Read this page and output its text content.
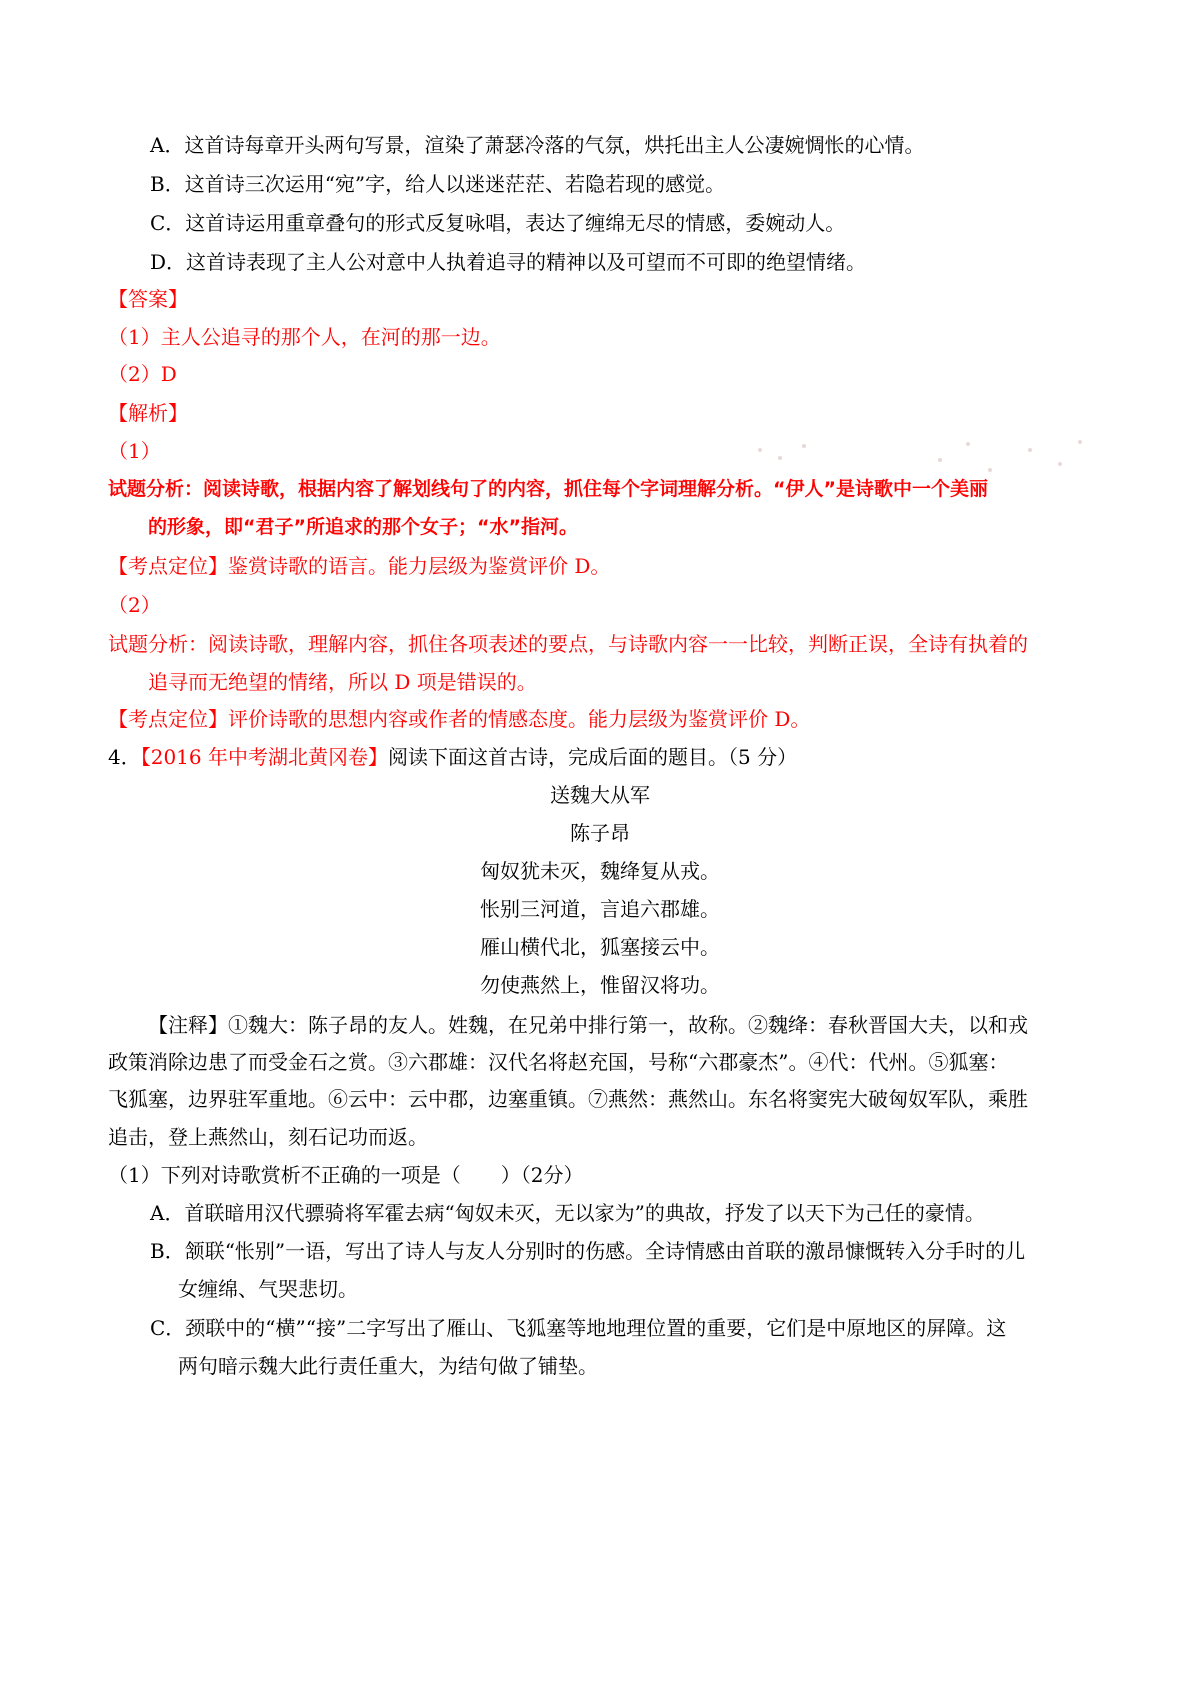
A．这首诗每章开头两句写景，渲染了萧瑟冷落的气氛，烘托出主人公凄婉惆怅的心情。
B．这首诗三次运用“宛”字，给人以迷迷茫茫、若隐若现的感觉。
C．这首诗运用重章叠句的形式反复咏唱，表达了缠绵无尽的情感，委婉动人。
D．这首诗表现了主人公对意中人执着追寻的精神以及可望而不可即的绝望情绪。
【答案】
（1）主人公追寻的那个人，在河的那一边。
（2）D
【解析】
（1）
试题分析：阅读诗歌，根据内容了解划线句了的内容，抓住每个字词理解分析。“伊人”是诗歌中一个美丽
的形象，即“君子”所追求的那个女子；“水”指河。
【考点定位】鉴赏诗歌的语言。能力层级为鉴赏评价 D。
（2）
试题分析：阅读诗歌，理解内容，抓住各项表述的要点，与诗歌内容一一比较，判断正误，全诗有执着的
追寻而无绝望的情绪，所以 D 项是错误的。
【考点定位】评价诗歌的思想内容或作者的情感态度。能力层级为鉴赏评价 D。
4．【2016 年中考湖北黄冈卷】阅读下面这首古诗，完成后面的题目。（5 分）
送魏大从军
陈子昂
匈奴犹未灭，魏绛复从戎。
怅别三河道，言追六郡雄。
雁山横代北，狐塞接云中。
勿使燕然上，惟留汉将功。
【注释】①魏大：陈子昂的友人。姓魏，在兄弟中排行第一，故称。②魏绛：春秋晋国大夫，以和戎
政策消除边患了而受金石之赏。③六郡雄：汉代名将赵充国，号称“六郡豪杰”。④代：代州。⑤狐塞：
飞狐塞，边界驻军重地。⑥云中：云中郡，边塞重镇。⑦燕然：燕然山。东名将窦宪大破匈奴军队，乘胜
追击，登上燕然山，刻石记功而返。
（1）下列对诗歌赏析不正确的一项是（　　）（2分）
A．首联暗用汉代骠骑将军霍去病“匈奴未灭，无以家为”的典故，抒发了以天下为己任的豪情。
B．颔联“怅别”一语，写出了诗人与友人分别时的伤感。全诗情感由首联的激昂慷慨转入分手时的儿
女缠绵、气哭悲切。
C．颈联中的“横”“接”二字写出了雁山、飞狐塞等地地理位置的重要，它们是中原地区的屏障。这
两句暗示魏大此行责任重大，为结句做了铺垫。
